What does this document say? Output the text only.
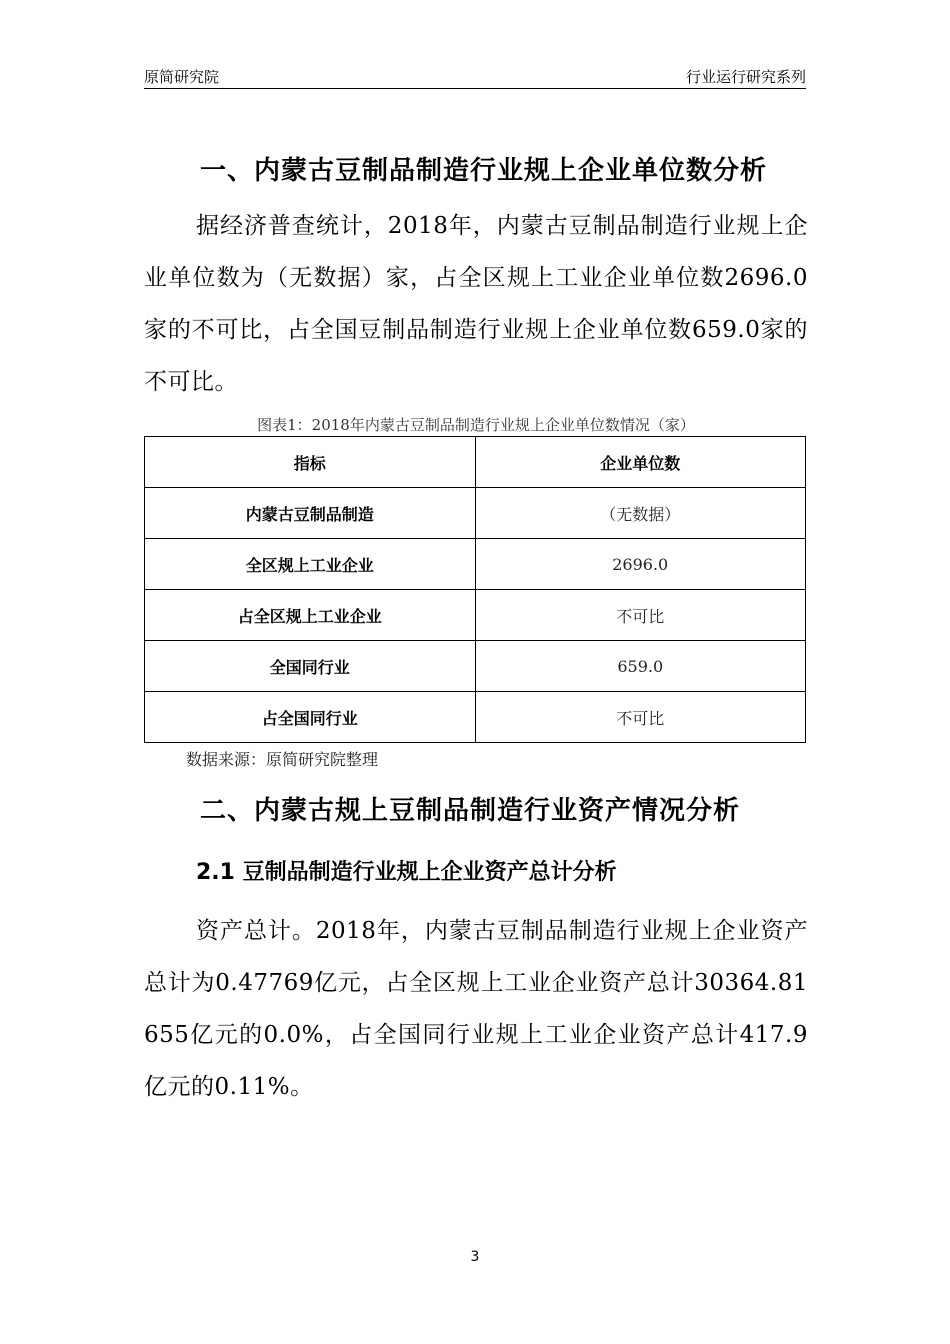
原简研究院	行业运行研究系列
一、内蒙古豆制品制造行业规上企业单位数分析

据经济普查统计，2018年，内蒙古豆制品制造行业规上企业单位数为（无数据）家，占全区规上工业企业单位数2696.0家的不可比，占全国豆制品制造行业规上企业单位数659.0家的不可比。

图表1：2018年内蒙古豆制品制造行业规上企业单位数情况（家）
指标	企业单位数
内蒙古豆制品制造	（无数据）
全区规上工业企业	2696.0
占全区规上工业企业	不可比
全国同行业	659.0
占全国同行业	不可比
数据来源：原简研究院整理
二、内蒙古规上豆制品制造行业资产情况分析
2.1 豆制品制造行业规上企业资产总计分析

资产总计。2018年，内蒙古豆制品制造行业规上企业资产总计为0.47769亿元，占全区规上工业企业资产总计30364.81655亿元的0.0%，占全国同行业规上工业企业资产总计417.9亿元的0.11%。

3
